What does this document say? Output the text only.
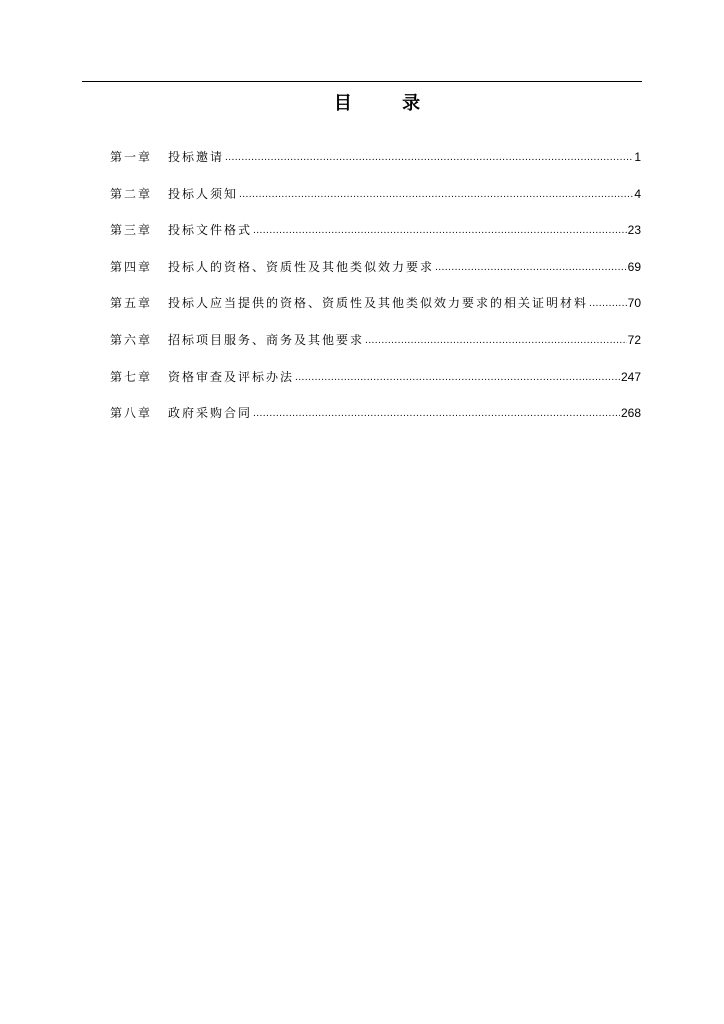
目 录
第一章	投标邀请 .....	1
第二章	投标人须知 .....	4
第三章	投标文件格式 .....	23
第四章	投标人的资格、资质性及其他类似效力要求 .....	69
第五章	投标人应当提供的资格、资质性及其他类似效力要求的相关证明材料 .....	70
第六章	招标项目服务、商务及其他要求 .....	72
第七章	资格审查及评标办法 .....	247
第八章	政府采购合同 .....	268
